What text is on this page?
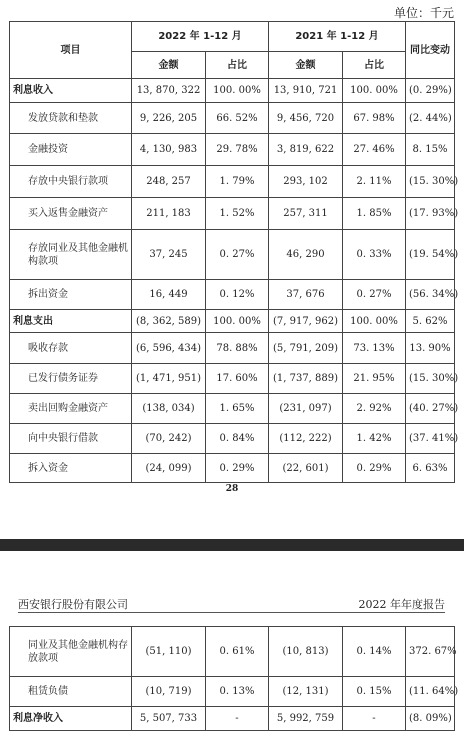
单位：千元
项目	2022 年 1-12 月		2021 年 1-12 月		同比变动
	金额	占比	金额	占比	
利息收入	13, 870, 322	100. 00%	13, 910, 721	100. 00%	(0. 29%)
发放贷款和垫款	9, 226, 205	66. 52%	9, 456, 720	67. 98%	(2. 44%)
金融投资	4, 130, 983	29. 78%	3, 819, 622	27. 46%	8. 15%
存放中央银行款项	248, 257	1. 79%	293, 102	2. 11%	(15. 30%)
买入返售金融资产	211, 183	1. 52%	257, 311	1. 85%	(17. 93%)
存放同业及其他金融机构款项	37, 245	0. 27%	46, 290	0. 33%	(19. 54%)
拆出资金	16, 449	0. 12%	37, 676	0. 27%	(56. 34%)
利息支出	(8, 362, 589)	100. 00%	(7, 917, 962)	100. 00%	5. 62%
吸收存款	(6, 596, 434)	78. 88%	(5, 791, 209)	73. 13%	13. 90%
已发行债务证券	(1, 471, 951)	17. 60%	(1, 737, 889)	21. 95%	(15. 30%)
卖出回购金融资产	(138, 034)	1. 65%	(231, 097)	2. 92%	(40. 27%)
向中央银行借款	(70, 242)	0. 84%	(112, 222)	1. 42%	(37. 41%)
拆入资金	(24, 099)	0. 29%	(22, 601)	0. 29%	6. 63%
28
西安银行股份有限公司	2022 年年度报告
同业及其他金融机构存放款项	(51, 110)	0. 61%	(10, 813)	0. 14%	372. 67%
租赁负债	(10, 719)	0. 13%	(12, 131)	0. 15%	(11. 64%)
利息净收入	5, 507, 733	-	5, 992, 759	-	(8. 09%)
